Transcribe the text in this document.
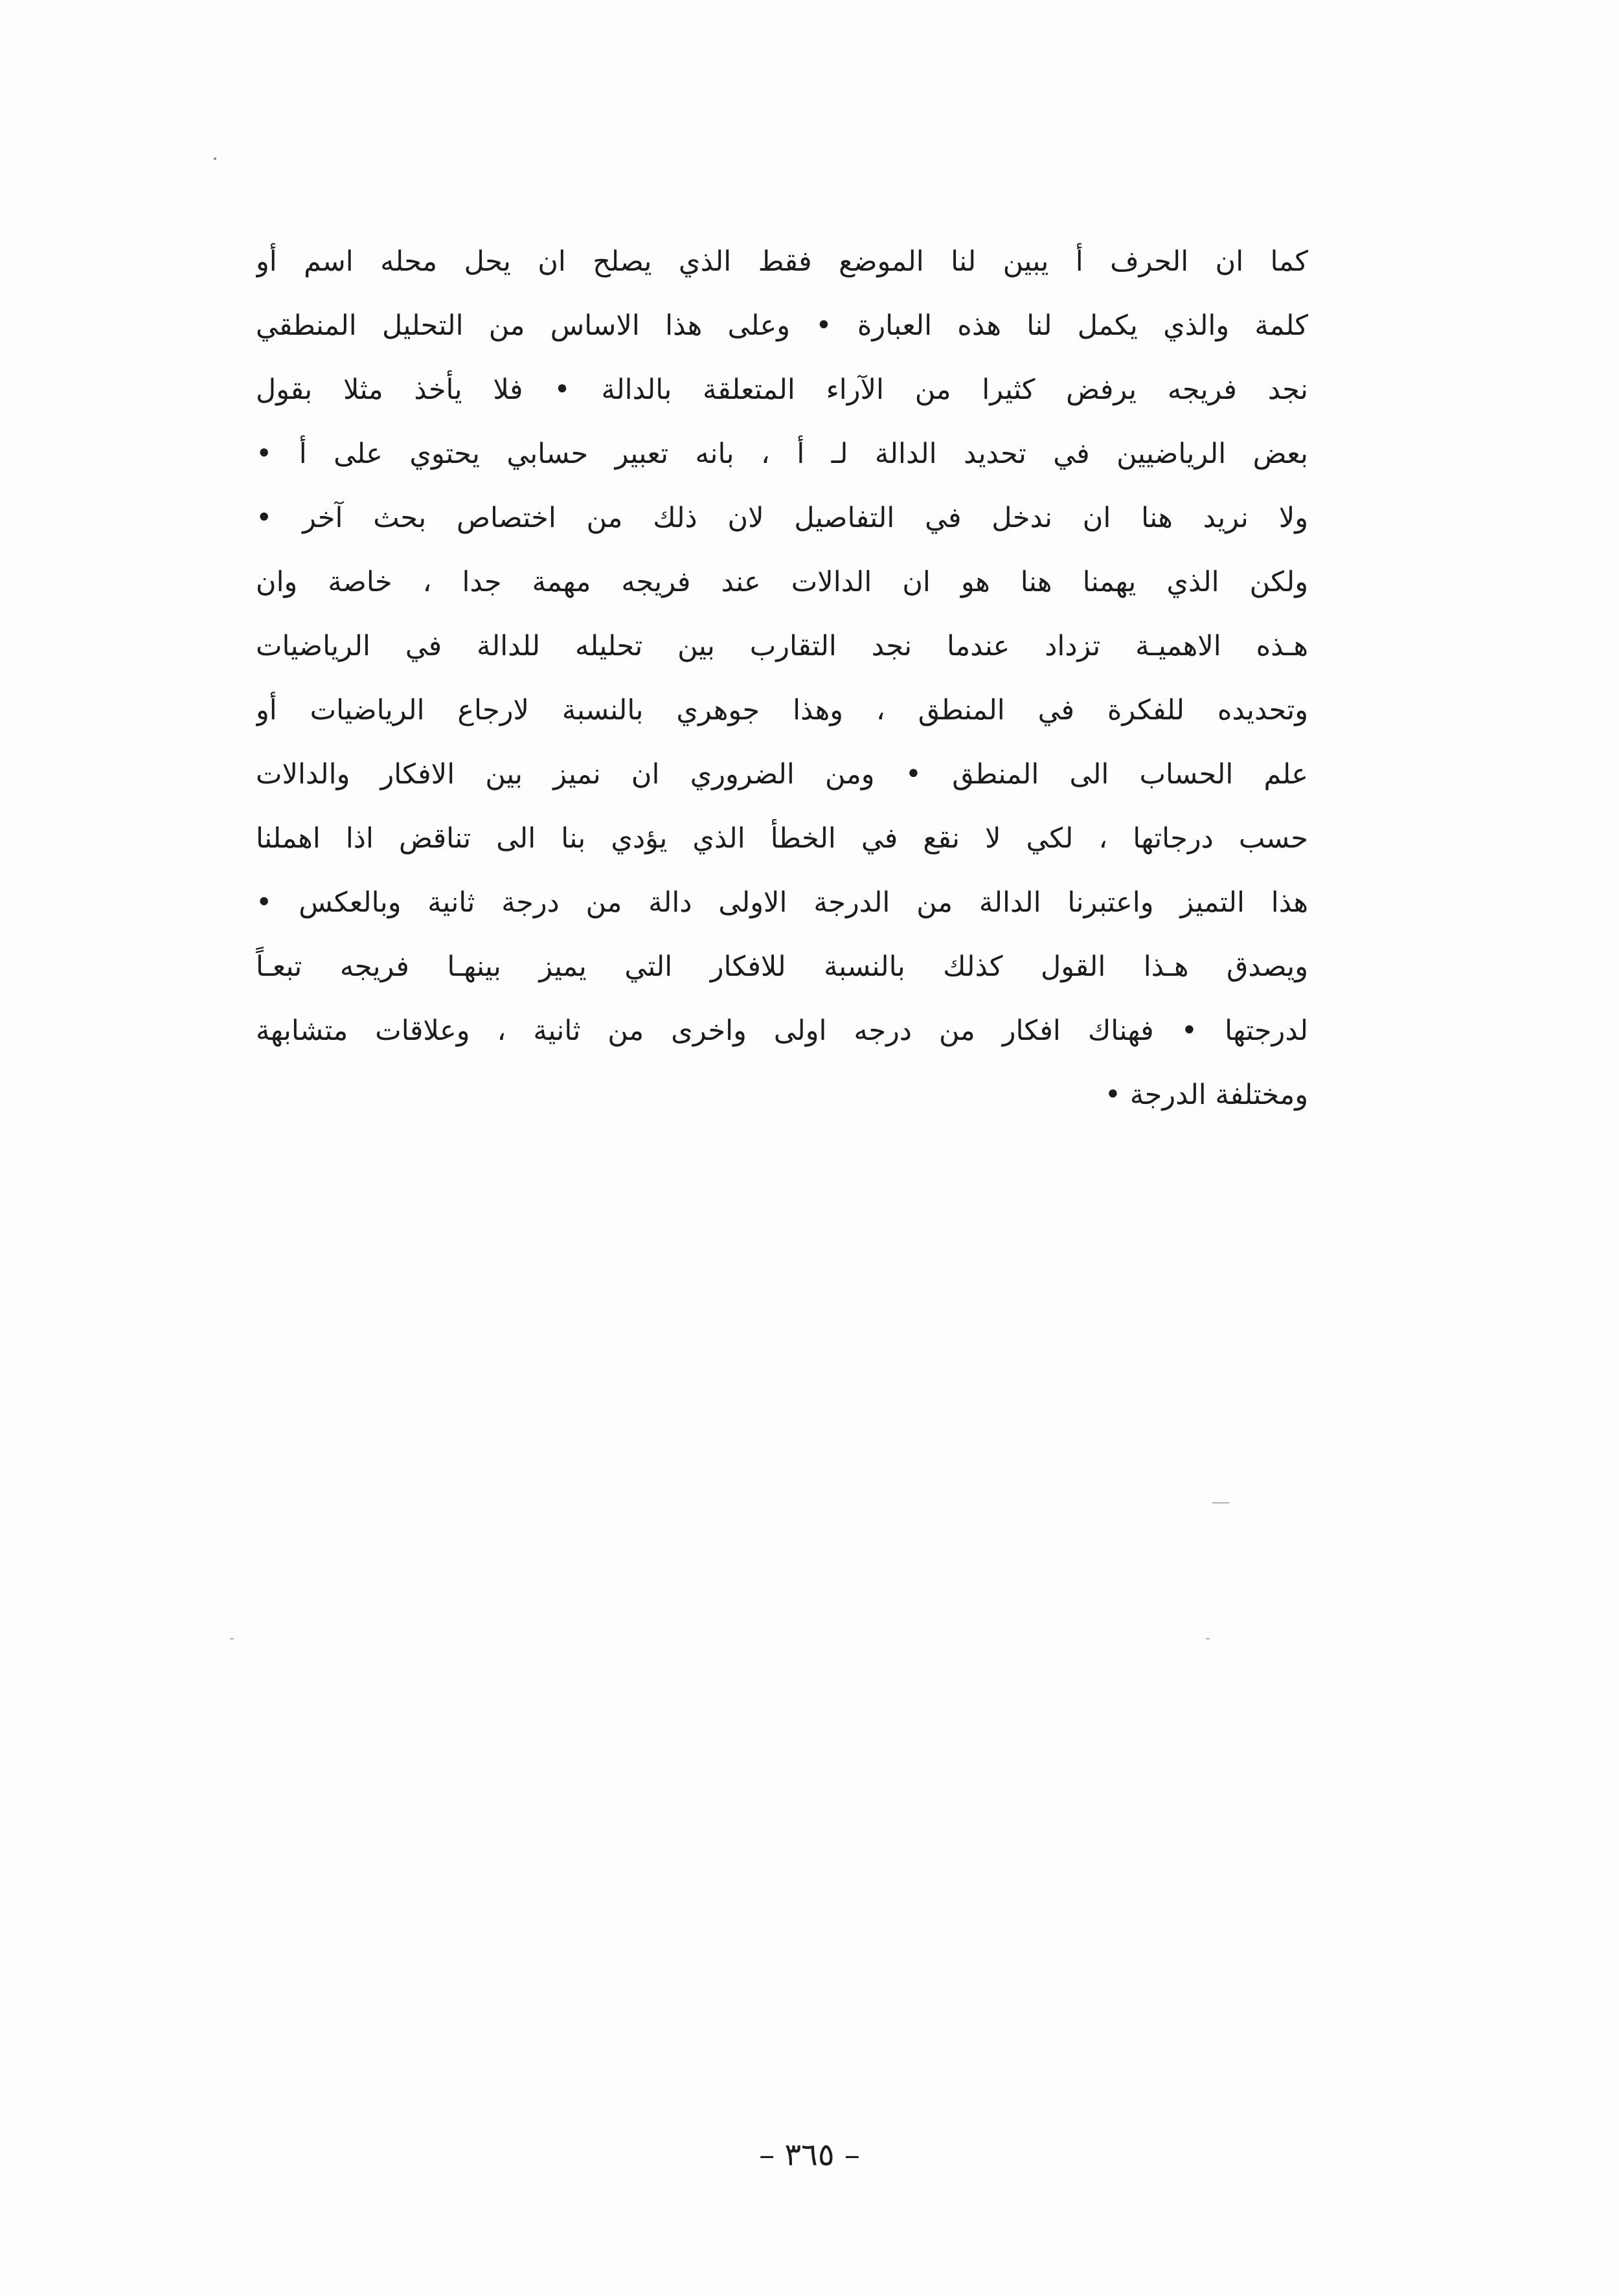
كما ان الحرف أ يبين لنا الموضع فقط الذي يصلح ان يحل محله اسم أو
كلمة والذي يكمل لنا هذه العبارة • وعلى هذا الاساس من التحليل المنطقي
نجد فريجه يرفض كثيرا من الآراء المتعلقة بالدالة • فلا يأخذ مثلا بقول
بعض الرياضيين في تحديد الدالة لـ أ ، بانه تعبير حسابي يحتوي على أ •
ولا نريد هنا ان ندخل في التفاصيل لان ذلك من اختصاص بحث آخر •
ولكن الذي يهمنا هنا هو ان الدالات عند فريجه مهمة جدا ، خاصة وان
هـذه الاهميـة تزداد عندما نجد التقارب بين تحليله للدالة في الرياضيات
وتحديده للفكرة في المنطق ، وهذا جوهري بالنسبة لارجاع الرياضيات أو
علم الحساب الى المنطق • ومن الضروري ان نميز بين الافكار والدالات
حسب درجاتها ، لكي لا نقع في الخطأ الذي يؤدي بنا الى تناقض اذا اهملنا
هذا التميز واعتبرنا الدالة من الدرجة الاولى دالة من درجة ثانية وبالعكس •
ويصدق هـذا القول كذلك بالنسبة للافكار التي يميز بينهـا فريجه تبعـاً
لدرجتها • فهناك افكار من درجه اولى واخرى من ثانية ، وعلاقات متشابهة
ومختلفة الدرجة •
– ٣٦٥ –
